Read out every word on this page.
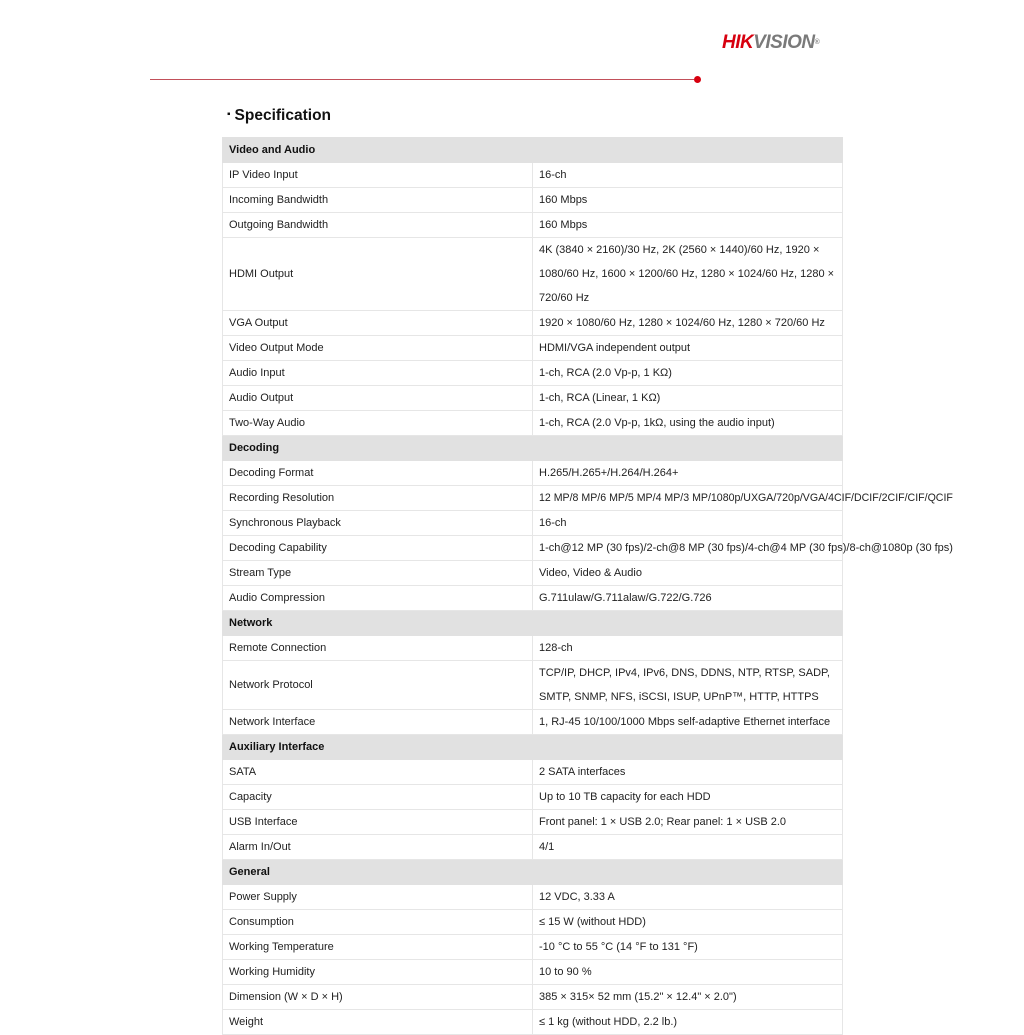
HIKVISION®
▪ Specification
Video and Audio	
IP Video Input	16-ch
Incoming Bandwidth	160 Mbps
Outgoing Bandwidth	160 Mbps
HDMI Output	4K (3840 × 2160)/30 Hz, 2K (2560 × 1440)/60 Hz, 1920 × 1080/60 Hz, 1600 × 1200/60 Hz, 1280 × 1024/60 Hz, 1280 × 720/60 Hz
VGA Output	1920 × 1080/60 Hz, 1280 × 1024/60 Hz, 1280 × 720/60 Hz
Video Output Mode	HDMI/VGA independent output
Audio Input	1-ch, RCA (2.0 Vp-p, 1 KΩ)
Audio Output	1-ch, RCA (Linear, 1 KΩ)
Two-Way Audio	1-ch, RCA (2.0 Vp-p, 1kΩ, using the audio input)
Decoding	
Decoding Format	H.265/H.265+/H.264/H.264+
Recording Resolution	12 MP/8 MP/6 MP/5 MP/4 MP/3 MP/1080p/UXGA/720p/VGA/4CIF/DCIF/2CIF/CIF/QCIF
Synchronous Playback	16-ch
Decoding Capability	1-ch@12 MP (30 fps)/2-ch@8 MP (30 fps)/4-ch@4 MP (30 fps)/8-ch@1080p (30 fps)
Stream Type	Video, Video & Audio
Audio Compression	G.711ulaw/G.711alaw/G.722/G.726
Network	
Remote Connection	128-ch
Network Protocol	TCP/IP, DHCP, IPv4, IPv6, DNS, DDNS, NTP, RTSP, SADP, SMTP, SNMP, NFS, iSCSI, ISUP, UPnP™, HTTP, HTTPS
Network Interface	1, RJ-45 10/100/1000 Mbps self-adaptive Ethernet interface
Auxiliary Interface	
SATA	2 SATA interfaces
Capacity	Up to 10 TB capacity for each HDD
USB Interface	Front panel: 1 × USB 2.0; Rear panel: 1 × USB 2.0
Alarm In/Out	4/1
General	
Power Supply	12 VDC, 3.33 A
Consumption	≤ 15 W (without HDD)
Working Temperature	-10 °C to 55 °C (14 °F to 131 °F)
Working Humidity	10 to 90 %
Dimension (W × D × H)	385 × 315× 52 mm (15.2" × 12.4" × 2.0")
Weight	≤ 1 kg (without HDD, 2.2 lb.)
